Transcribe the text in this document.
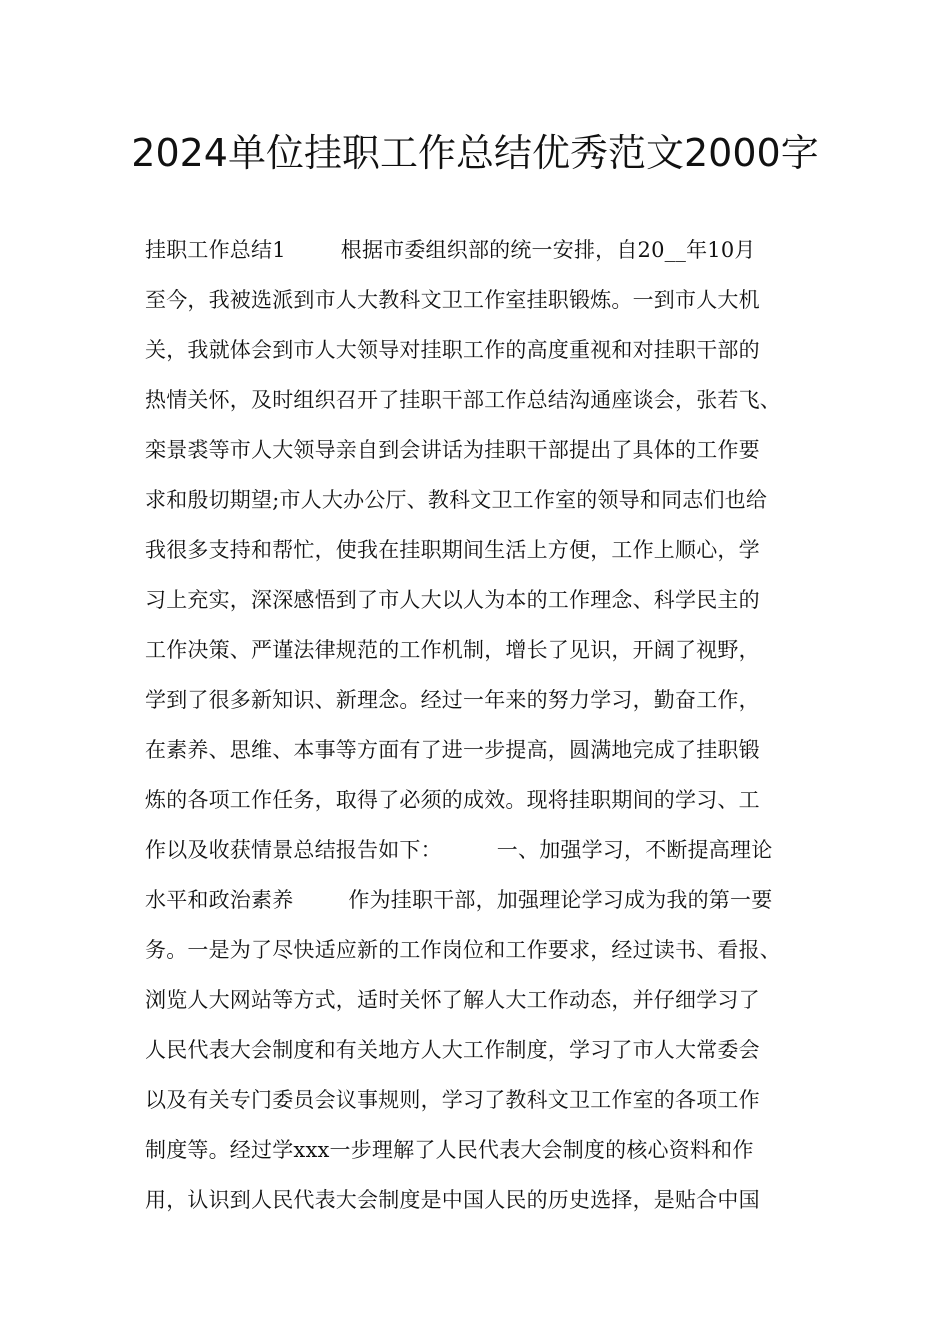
2024单位挂职工作总结优秀范文2000字
挂职工作总结1        根据市委组织部的统一安排，自20__年10月
至今，我被选派到市人大教科文卫工作室挂职锻炼。一到市人大机
关，我就体会到市人大领导对挂职工作的高度重视和对挂职干部的
热情关怀，及时组织召开了挂职干部工作总结沟通座谈会，张若飞、
栾景裘等市人大领导亲自到会讲话为挂职干部提出了具体的工作要
求和殷切期望;市人大办公厅、教科文卫工作室的领导和同志们也给
我很多支持和帮忙，使我在挂职期间生活上方便，工作上顺心，学
习上充实，深深感悟到了市人大以人为本的工作理念、科学民主的
工作决策、严谨法律规范的工作机制，增长了见识，开阔了视野，
学到了很多新知识、新理念。经过一年来的努力学习，勤奋工作，
在素养、思维、本事等方面有了进一步提高，圆满地完成了挂职锻
炼的各项工作任务，取得了必须的成效。现将挂职期间的学习、工
作以及收获情景总结报告如下：        一、加强学习，不断提高理论
水平和政治素养        作为挂职干部，加强理论学习成为我的第一要
务。一是为了尽快适应新的工作岗位和工作要求，经过读书、看报、
浏览人大网站等方式，适时关怀了解人大工作动态，并仔细学习了
人民代表大会制度和有关地方人大工作制度，学习了市人大常委会
以及有关专门委员会议事规则，学习了教科文卫工作室的各项工作
制度等。经过学xxx一步理解了人民代表大会制度的核心资料和作
用，认识到人民代表大会制度是中国人民的历史选择，是贴合中国
